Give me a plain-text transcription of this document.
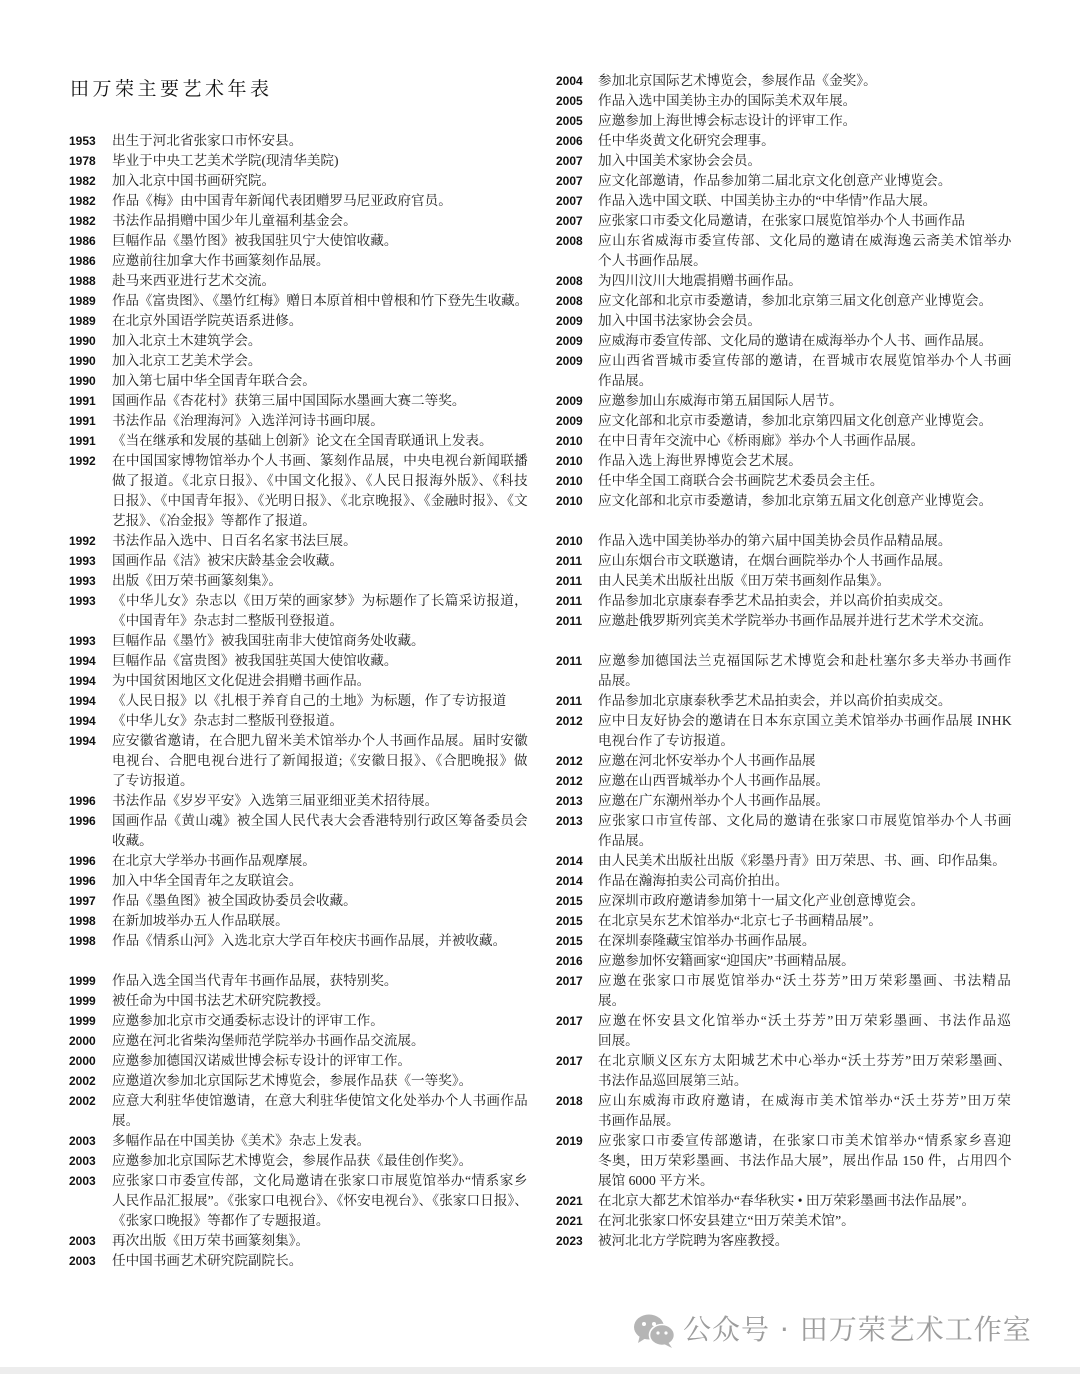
田万荣主要艺术年表
1953	出生于河北省张家口市怀安县。
1978	毕业于中央工艺美术学院(现清华美院)
1982	加入北京中国书画研究院。
1982	作品《梅》由中国青年新闻代表团赠罗马尼亚政府官员。
1982	书法作品捐赠中国少年儿童福利基金会。
1986	巨幅作品《墨竹图》被我国驻贝宁大使馆收藏。
1986	应邀前往加拿大作书画篆刻作品展。
1988	赴马来西亚进行艺术交流。
1989	作品《富贵图》、《墨竹红梅》赠日本原首相中曾根和竹下登先生收藏。
1989	在北京外国语学院英语系进修。
1990	加入北京土木建筑学会。
1990	加入北京工艺美术学会。
1990	加入第七届中华全国青年联合会。
1991	国画作品《杏花村》获第三届中国国际水墨画大赛二等奖。
1991	书法作品《治理海河》入选洋河诗书画印展。
1991	《当在继承和发展的基础上创新》论文在全国青联通讯上发表。
1992	在中国国家博物馆举办个人书画、篆刻作品展，中央电视台新闻联播
做了报道。《北京日报》、《中国文化报》、《人民日报海外版》、《科技
日报》、《中国青年报》、《光明日报》、《北京晚报》、《金融时报》、《文
艺报》、《冶金报》等都作了报道。
1992	书法作品入选中、日百名名家书法巨展。
1993	国画作品《洁》被宋庆龄基金会收藏。
1993	出版《田万荣书画篆刻集》。
1993	《中华儿女》杂志以《田万荣的画家梦》为标题作了长篇采访报道，
《中国青年》杂志封二整版刊登报道。
1993	巨幅作品《墨竹》被我国驻南非大使馆商务处收藏。
1994	巨幅作品《富贵图》被我国驻英国大使馆收藏。
1994	为中国贫困地区文化促进会捐赠书画作品。
1994	《人民日报》以《扎根于养育自己的土地》为标题，作了专访报道
1994	《中华儿女》杂志封二整版刊登报道。
1994	应安徽省邀请，在合肥九留米美术馆举办个人书画作品展。届时安徽
电视台、合肥电视台进行了新闻报道;《安徽日报》、《合肥晚报》做
了专访报道。
1996	书法作品《岁岁平安》入选第三届亚细亚美术招待展。
1996	国画作品《黄山魂》被全国人民代表大会香港特别行政区筹备委员会
收藏。
1996	在北京大学举办书画作品观摩展。
1996	加入中华全国青年之友联谊会。
1997	作品《墨鱼图》被全国政协委员会收藏。
1998	在新加坡举办五人作品联展。
1998	作品《情系山河》入选北京大学百年校庆书画作品展，并被收藏。
1999	作品入选全国当代青年书画作品展，获特别奖。
1999	被任命为中国书法艺术研究院教授。
1999	应邀参加北京市交通委标志设计的评审工作。
2000	应邀在河北省柴沟堡师范学院举办书画作品交流展。
2000	应邀参加德国汉诺威世博会标专设计的评审工作。
2002	应邀道次参加北京国际艺术博览会，参展作品获《一等奖》。
2002	应意大利驻华使馆邀请，在意大利驻华使馆文化处举办个人书画作品
展。
2003	多幅作品在中国美协《美术》杂志上发表。
2003	应邀参加北京国际艺术博览会，参展作品获《最佳创作奖》。
2003	应张家口市委宣传部，文化局邀请在张家口市展览馆举办“情系家乡
人民作品汇报展”。《张家口电视台》、《怀安电视台》、《张家口日报》、
《张家口晚报》等都作了专题报道。
2003	再次出版《田万荣书画篆刻集》。
2003	任中国书画艺术研究院副院长。
2004	参加北京国际艺术博览会，参展作品《金奖》。
2005	作品入选中国美协主办的国际美术双年展。
2005	应邀参加上海世博会标志设计的评审工作。
2006	任中华炎黄文化研究会理事。
2007	加入中国美术家协会会员。
2007	应文化部邀请，作品参加第二届北京文化创意产业博览会。
2007	作品入选中国文联、中国美协主办的“中华情”作品大展。
2007	应张家口市委文化局邀请，在张家口展览馆举办个人书画作品
2008	应山东省威海市委宣传部、文化局的邀请在威海逸云斋美术馆举办
个人书画作品展。
2008	为四川汶川大地震捐赠书画作品。
2008	应文化部和北京市委邀请，参加北京第三届文化创意产业博览会。
2009	加入中国书法家协会会员。
2009	应威海市委宣传部、文化局的邀请在威海举办个人书、画作品展。
2009	应山西省晋城市委宣传部的邀请，在晋城市农展览馆举办个人书画
作品展。
2009	应邀参加山东威海市第五届国际人居节。
2009	应文化部和北京市委邀请，参加北京第四届文化创意产业博览会。
2010	在中日青年交流中心《桥雨廊》举办个人书画作品展。
2010	作品入选上海世界博览会艺术展。
2010	任中华全国工商联合会书画院艺术委员会主任。
2010	应文化部和北京市委邀请，参加北京第五届文化创意产业博览会。
2010	作品入选中国美协举办的第六届中国美协会员作品精品展。
2011	应山东烟台市文联邀请，在烟台画院举办个人书画作品展。
2011	由人民美术出版社出版《田万荣书画刻作品集》。
2011	作品参加北京康泰春季艺术品拍卖会，并以高价拍卖成交。
2011	应邀赴俄罗斯列宾美术学院举办书画作品展并进行艺术学术交流。
2011	应邀参加德国法兰克福国际艺术博览会和赴杜塞尔多夫举办书画作
品展。
2011	作品参加北京康泰秋季艺术品拍卖会，并以高价拍卖成交。
2012	应中日友好协会的邀请在日本东京国立美术馆举办书画作品展 INHK
电视台作了专访报道。
2012	应邀在河北怀安举办个人书画作品展
2012	应邀在山西晋城举办个人书画作品展。
2013	应邀在广东潮州举办个人书画作品展。
2013	应张家口市宣传部、文化局的邀请在张家口市展览馆举办个人书画
作品展。
2014	由人民美术出版社出版《彩墨丹青》田万荣思、书、画、印作品集。
2014	作品在瀚海拍卖公司高价拍出。
2015	应深圳市政府邀请参加第十一届文化产业创意博览会。
2015	在北京吴东艺术馆举办“北京七子书画精品展”。
2015	在深圳泰隆藏宝馆举办书画作品展。
2016	应邀参加怀安籍画家“迎国庆”书画精品展。
2017	应邀在张家口市展览馆举办“沃土芬芳”田万荣彩墨画、书法精品
展。
2017	应邀在怀安县文化馆举办“沃土芬芳”田万荣彩墨画、书法作品巡
回展。
2017	在北京顺义区东方太阳城艺术中心举办“沃土芬芳”田万荣彩墨画、
书法作品巡回展第三站。
2018	应山东威海市政府邀请，在威海市美术馆举办“沃土芬芳”田万荣
书画作品展。
2019	应张家口市委宣传部邀请，在张家口市美术馆举办“情系家乡喜迎
冬奥，田万荣彩墨画、书法作品大展”，展出作品 150 件，占用四个
展馆 6000 平方米。
2021	在北京大都艺术馆举办“春华秋实 • 田万荣彩墨画书法作品展”。
2021	在河北张家口怀安县建立“田万荣美术馆”。
2023	被河北北方学院聘为客座教授。
公众号 · 田万荣艺术工作室
